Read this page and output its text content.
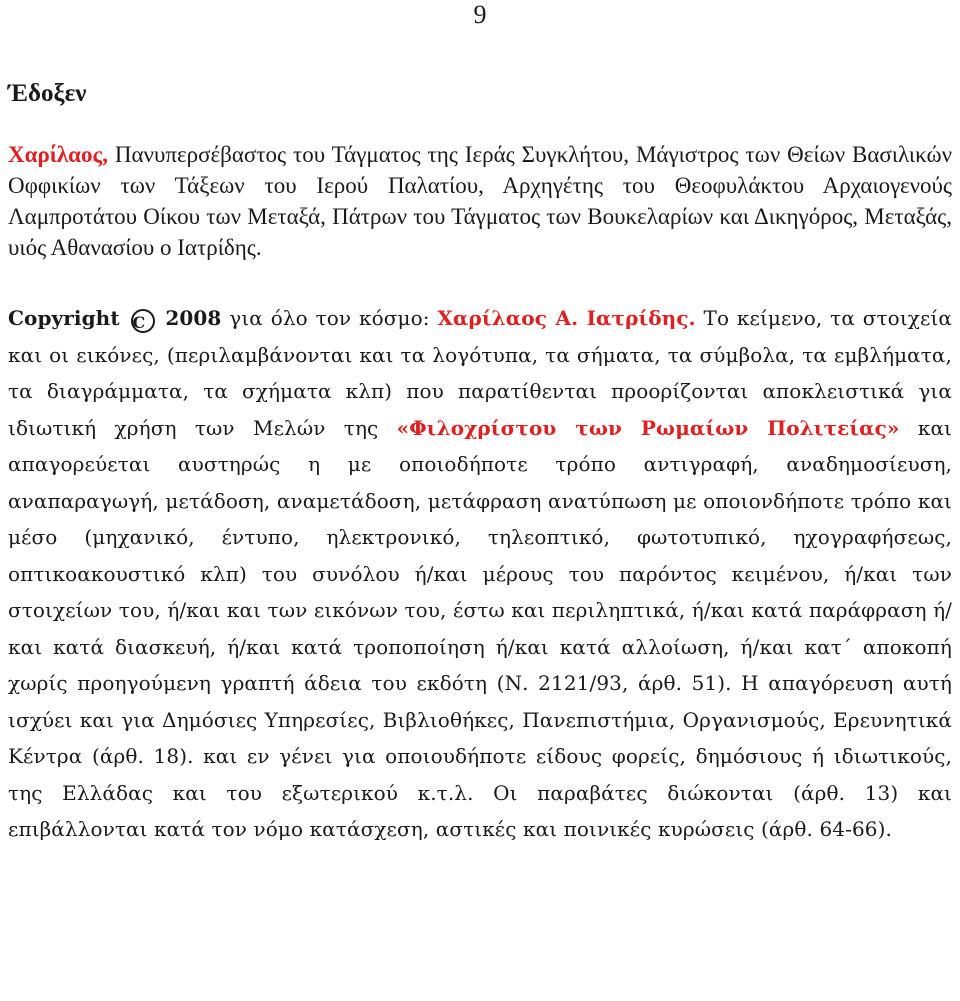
9
Έδοξεν
Χαρίλαος, Πανυπερσέβαστος του Τάγματος της Ιεράς Συγκλήτου, Μάγιστρος των Θείων Βασιλικών Οφφικίων των Τάξεων του Ιερού Παλατίου, Αρχηγέτης του Θεοφυλάκτου Αρχαιογενούς Λαμπροτάτου Οίκου των Μεταξά, Πάτρων του Τάγματος των Βουκελαρίων και Δικηγόρος, Μεταξάς, υιός Αθανασίου ο Ιατρίδης.
Copyright C 2008 για όλο τον κόσμο: Χαρίλαος Α. Ιατρίδης. Το κείμενο, τα στοιχεία και οι εικόνες, (περιλαμβάνονται και τα λογότυπα, τα σήματα, τα σύμβολα, τα εμβλήματα, τα διαγράμματα, τα σχήματα κλπ) που παρατίθενται προορίζονται αποκλειστικά για ιδιωτική χρήση των Μελών της «Φιλοχρίστου των Ρωμαίων Πολιτείας» και απαγορεύεται αυστηρώς η με οποιοδήποτε τρόπο αντιγραφή, αναδημοσίευση, αναπαραγωγή, μετάδοση, αναμετάδοση, μετάφραση ανατύπωση με οποιονδήποτε τρόπο και μέσο (μηχανικό, έντυπο, ηλεκτρονικό, τηλεοπτικό, φωτοτυπικό, ηχογραφήσεως, οπτικοακουστικό κλπ) του συνόλου ή/και μέρους του παρόντος κειμένου, ή/και των στοιχείων του, ή/και και των εικόνων του, έστω και περιληπτικά, ή/και κατά παράφραση ή/και κατά διασκευή, ή/και κατά τροποποίηση ή/και κατά αλλοίωση, ή/και κατ΄ αποκοπή χωρίς προηγούμενη γραπτή άδεια του εκδότη (Ν. 2121/93, άρθ. 51). Η απαγόρευση αυτή ισχύει και για Δημόσιες Υπηρεσίες, Βιβλιοθήκες, Πανεπιστήμια, Οργανισμούς, Ερευνητικά Κέντρα (άρθ. 18). και εν γένει για οποιουδήποτε είδους φορείς, δημόσιους ή ιδιωτικούς, της Ελλάδας και του εξωτερικού κ.τ.λ. Οι παραβάτες διώκονται (άρθ. 13) και επιβάλλονται κατά τον νόμο κατάσχεση, αστικές και ποινικές κυρώσεις (άρθ. 64-66).
